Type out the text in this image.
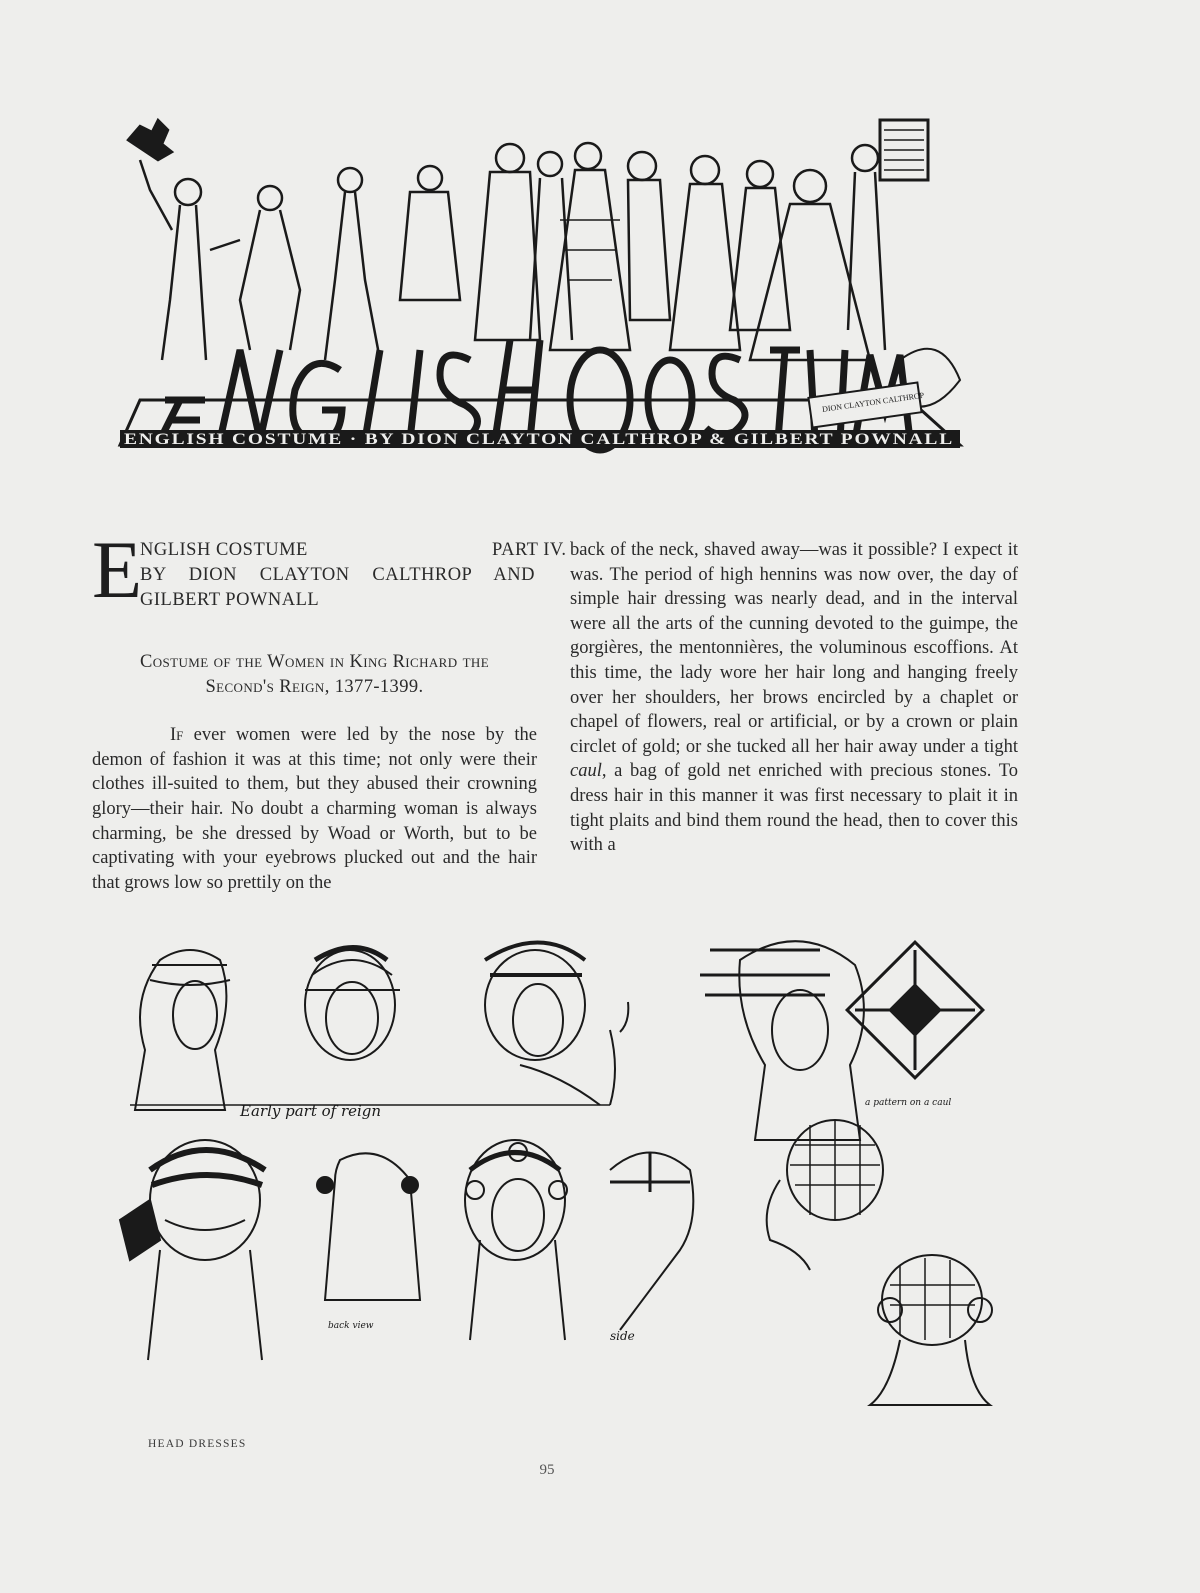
DION CLAYTON CALTHROP
ENGLISH COSTUME · BY DION CLAYTON CALTHROP & GILBERT POWNALL
E
NGLISH COSTUME	PART IV.
BY DION CLAYTON CALTHROP AND
GILBERT POWNALL
Costume of the Women in King Richard the
Second's Reign, 1377-1399.

If ever women were led by the nose by the demon of fashion it was at this time; not only were their clothes ill-suited to them, but they abused their crowning glory—their hair. No doubt a charming woman is always charming, be she dressed by Woad or Worth, but to be captivating with your eyebrows plucked out and the hair that grows low so prettily on the

back of the neck, shaved away—was it possible? I expect it was. The period of high hennins was now over, the day of simple hair dressing was nearly dead, and in the interval were all the arts of the cunning devoted to the guimpe, the gorgières, the mentonnières, the voluminous escoffions. At this time, the lady wore her hair long and hanging freely over her shoulders, her brows encircled by a chaplet or chapel of flowers, real or artificial, or by a crown or plain circlet of gold; or she tucked all her hair away under a tight caul, a bag of gold net enriched with precious stones. To dress hair in this manner it was first necessary to plait it in tight plaits and bind them round the head, then to cover this with a

Early part of reign	a pattern on a caul
back view
side
HEAD DRESSES
95
